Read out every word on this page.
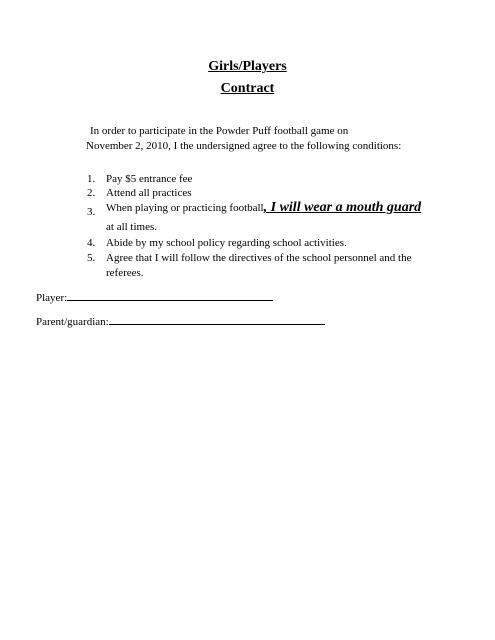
Girls/Players
Contract
In order to participate in the Powder Puff football game on
November 2, 2010, I the undersigned agree to the following conditions:
1. Pay $5 entrance fee
2. Attend all practices
3. When playing or practicing football, I will wear a mouth guard
at all times.
4. Abide by my school policy regarding school activities.
5. Agree that I will follow the directives of the school personnel and the
referees.
Player:
Parent/guardian:
